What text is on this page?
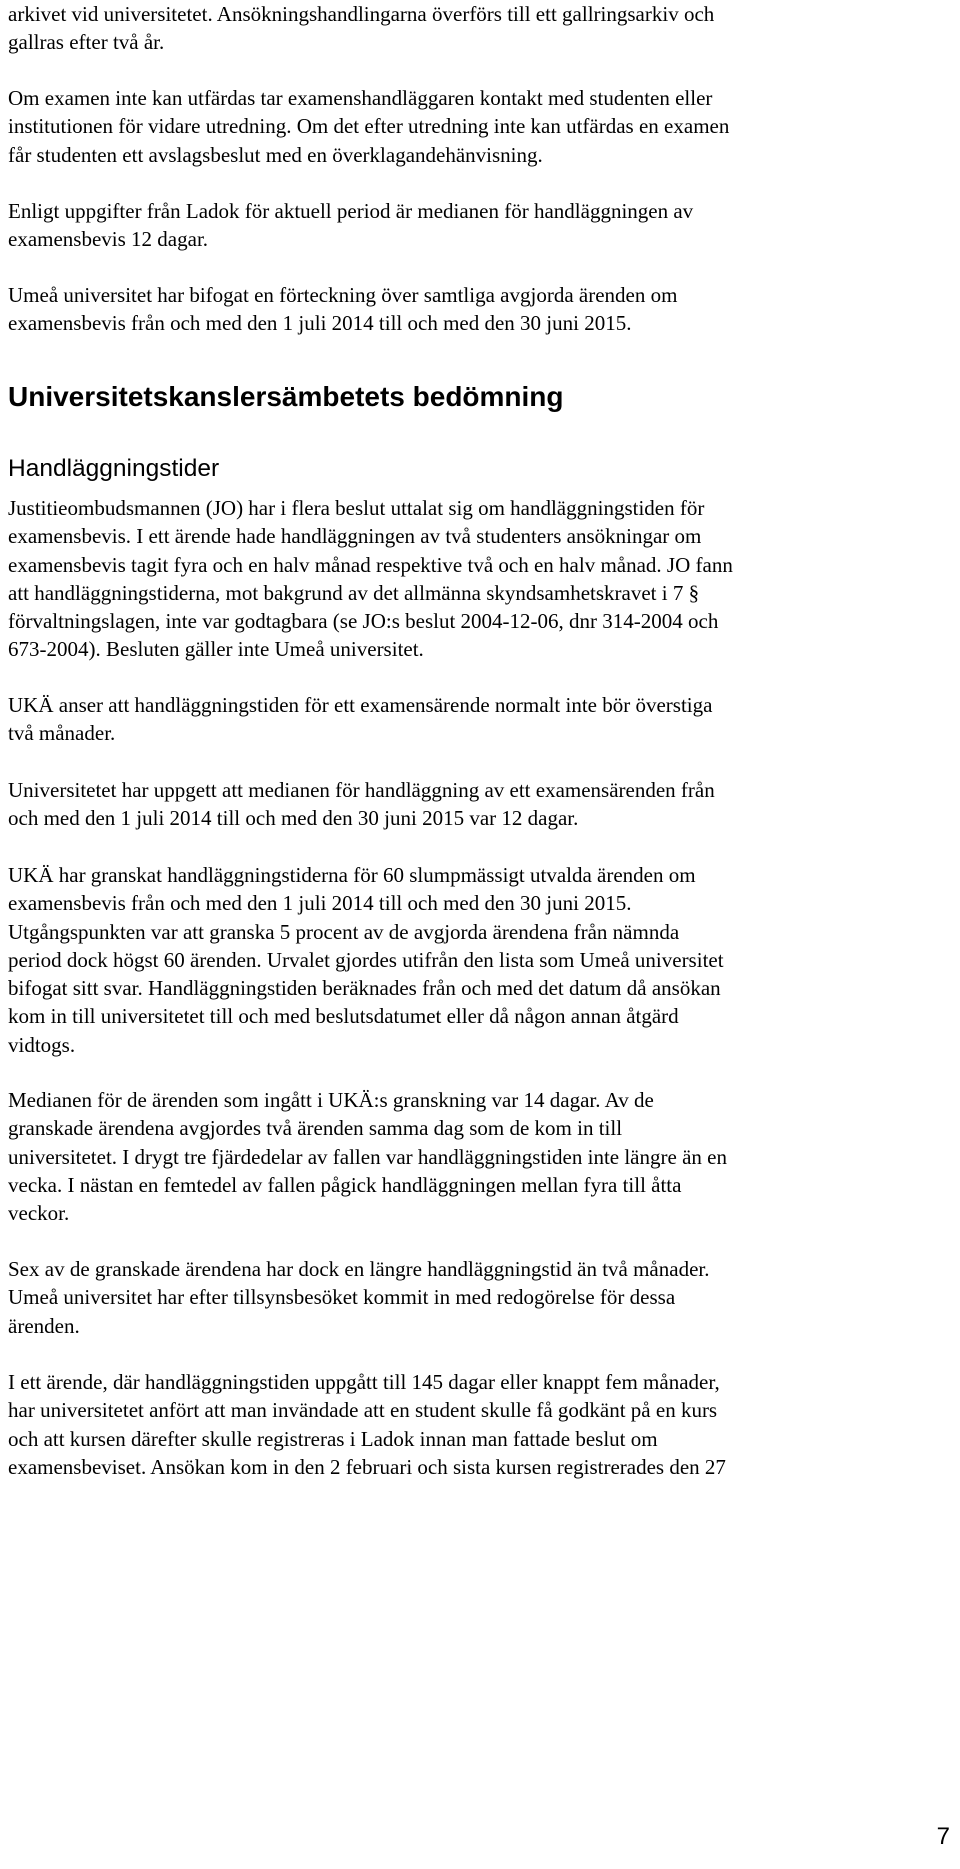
arkivet vid universitetet. Ansökningshandlingarna överförs till ett gallringsarkiv och
gallras efter två år.

Om examen inte kan utfärdas tar examenshandläggaren kontakt med studenten eller
institutionen för vidare utredning. Om det efter utredning inte kan utfärdas en examen
får studenten ett avslagsbeslut med en överklagandehänvisning.

Enligt uppgifter från Ladok för aktuell period är medianen för handläggningen av
examensbevis 12 dagar.

Umeå universitet har bifogat en förteckning över samtliga avgjorda ärenden om
examensbevis från och med den 1 juli 2014 till och med den 30 juni 2015.

Universitetskanslersämbetets bedömning
Handläggningstider

Justitieombudsmannen (JO) har i flera beslut uttalat sig om handläggningstiden för
examensbevis. I ett ärende hade handläggningen av två studenters ansökningar om
examensbevis tagit fyra och en halv månad respektive två och en halv månad. JO fann
att handläggningstiderna, mot bakgrund av det allmänna skyndsamhetskravet i 7 §
förvaltningslagen, inte var godtagbara (se JO:s beslut 2004-12-06, dnr 314-2004 och
673-2004). Besluten gäller inte Umeå universitet.

UKÄ anser att handläggningstiden för ett examensärende normalt inte bör överstiga
två månader.

Universitetet har uppgett att medianen för handläggning av ett examensärenden från
och med den 1 juli 2014 till och med den 30 juni 2015 var 12 dagar.

UKÄ har granskat handläggningstiderna för 60 slumpmässigt utvalda ärenden om
examensbevis från och med den 1 juli 2014 till och med den 30 juni 2015.
Utgångspunkten var att granska 5 procent av de avgjorda ärendena från nämnda
period dock högst 60 ärenden. Urvalet gjordes utifrån den lista som Umeå universitet
bifogat sitt svar. Handläggningstiden beräknades från och med det datum då ansökan
kom in till universitetet till och med beslutsdatumet eller då någon annan åtgärd
vidtogs.

Medianen för de ärenden som ingått i UKÄ:s granskning var 14 dagar. Av de
granskade ärendena avgjordes två ärenden samma dag som de kom in till
universitetet. I drygt tre fjärdedelar av fallen var handläggningstiden inte längre än en
vecka. I nästan en femtedel av fallen pågick handläggningen mellan fyra till åtta
veckor.

Sex av de granskade ärendena har dock en längre handläggningstid än två månader.
Umeå universitet har efter tillsynsbesöket kommit in med redogörelse för dessa
ärenden.

I ett ärende, där handläggningstiden uppgått till 145 dagar eller knappt fem månader,
har universitetet anfört att man invändade att en student skulle få godkänt på en kurs
och att kursen därefter skulle registreras i Ladok innan man fattade beslut om
examensbeviset. Ansökan kom in den 2 februari och sista kursen registrerades den 27

7
